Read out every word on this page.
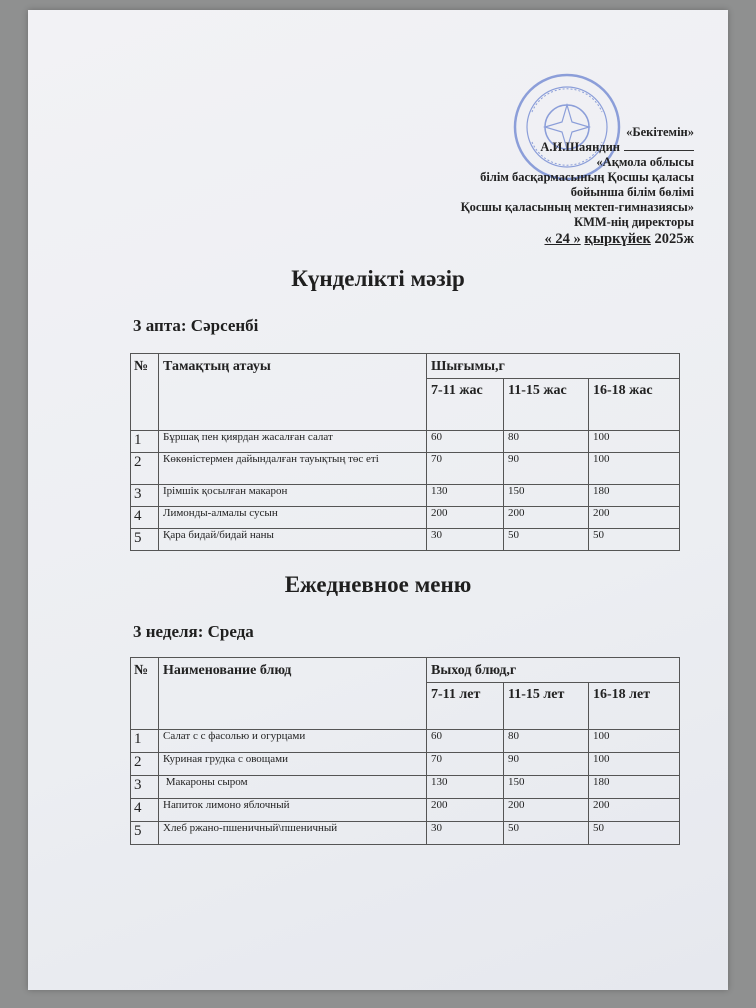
«Бекітемін»
А.И.Шаяндин
«Ақмола облысы
білім басқармасының Қосшы қаласы
бойынша білім бөлімі
Қосшы қаласының мектеп-гимназиясы»
КММ-нің директоры
« 24 » қыркүйек 2025ж
Күнделікті мәзір
3 апта: Сәрсенбі
№	Тамақтың атауы	Шығымы,г		
		7-11 жас	11-15 жас	16-18 жас
1	Бұршақ пен қиярдан жасалған салат	60	80	100
2	Көкөністермен дайындалған тауықтың төс еті	70	90	100
3	Ірімшік қосылған макарон	130	150	180
4	Лимонды-алмалы сусын	200	200	200
5	Қара бидай/бидай наны	30	50	50
Ежедневное меню
3 неделя: Среда
№	Наименование блюд	Выход блюд,г		
		7-11 лет	11-15 лет	16-18 лет
1	Салат с с фасолью и огурцами	60	80	100
2	Куриная грудка с овощами	70	90	100
3	Макароны сыром	130	150	180
4	Напиток лимоно яблочный	200	200	200
5	Хлеб ржано-пшеничный\пшеничный	30	50	50
